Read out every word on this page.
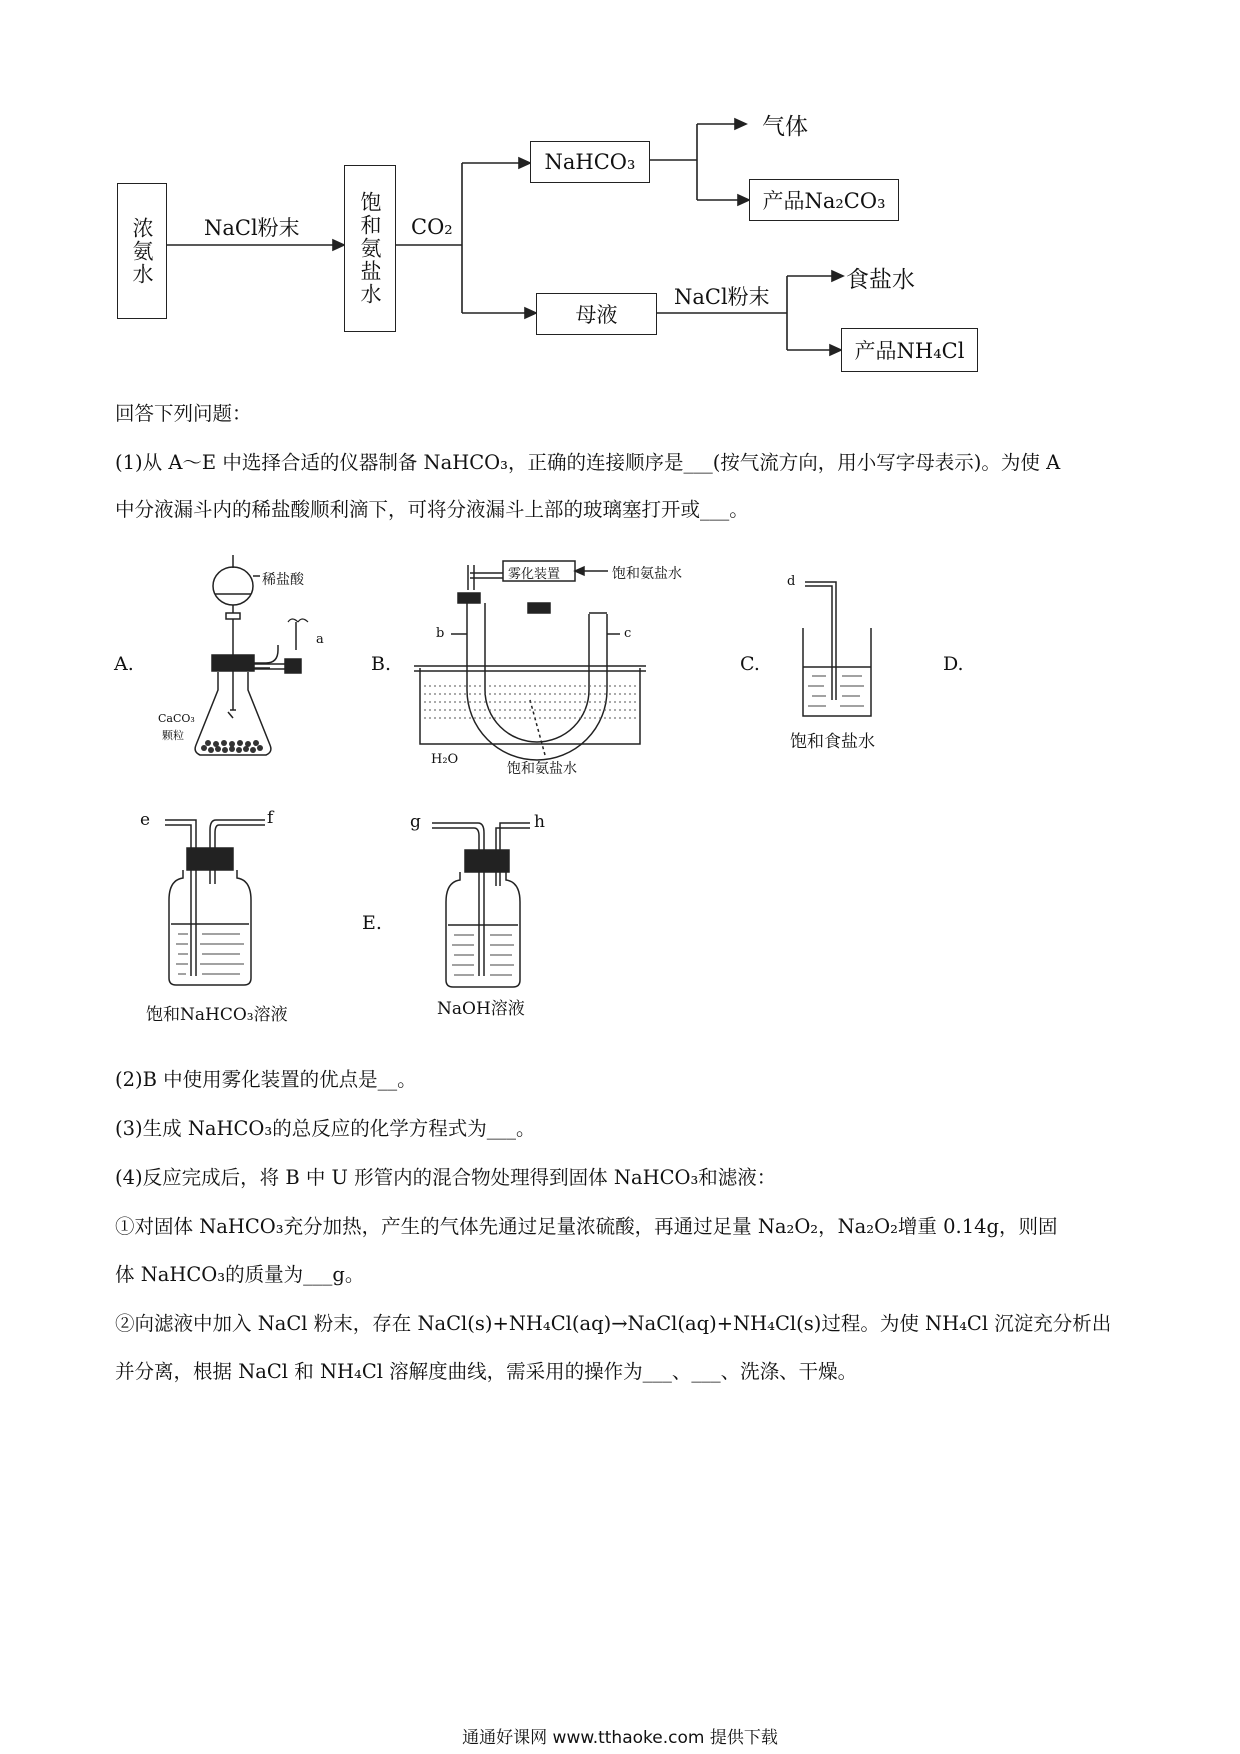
浓氨水 NaCl粉末	饱和氨盐水 CO₂
NaHCO₃
气体
产品Na₂CO₃
母液
NaCl粉末
食盐水
产品NH₄Cl
回答下列问题：
(1)从 A～E 中选择合适的仪器制备 NaHCO₃，正确的连接顺序是___(按气流方向，用小写字母表示)。为使 A
中分液漏斗内的稀盐酸顺利滴下，可将分液漏斗上部的玻璃塞打开或___。
A.
稀盐酸
a
CaCO₃
颗粒
B.
雾化装置	饱和氨盐水
b	c
H₂O
饱和氨盐水
C.
d
饱和食盐水
D.
e	f
饱和NaHCO₃溶液
E.
g	h
NaOH溶液
(2)B 中使用雾化装置的优点是__。
(3)生成 NaHCO₃的总反应的化学方程式为___。
(4)反应完成后，将 B 中 U 形管内的混合物处理得到固体 NaHCO₃和滤液：
①对固体 NaHCO₃充分加热，产生的气体先通过足量浓硫酸，再通过足量 Na₂O₂，Na₂O₂增重 0.14g，则固
体 NaHCO₃的质量为___g。
②向滤液中加入 NaCl 粉末，存在 NaCl(s)+NH₄Cl(aq)→NaCl(aq)+NH₄Cl(s)过程。为使 NH₄Cl 沉淀充分析出
并分离，根据 NaCl 和 NH₄Cl 溶解度曲线，需采用的操作为___、___、洗涤、干燥。
通通好课网 www.tthaoke.com 提供下载
